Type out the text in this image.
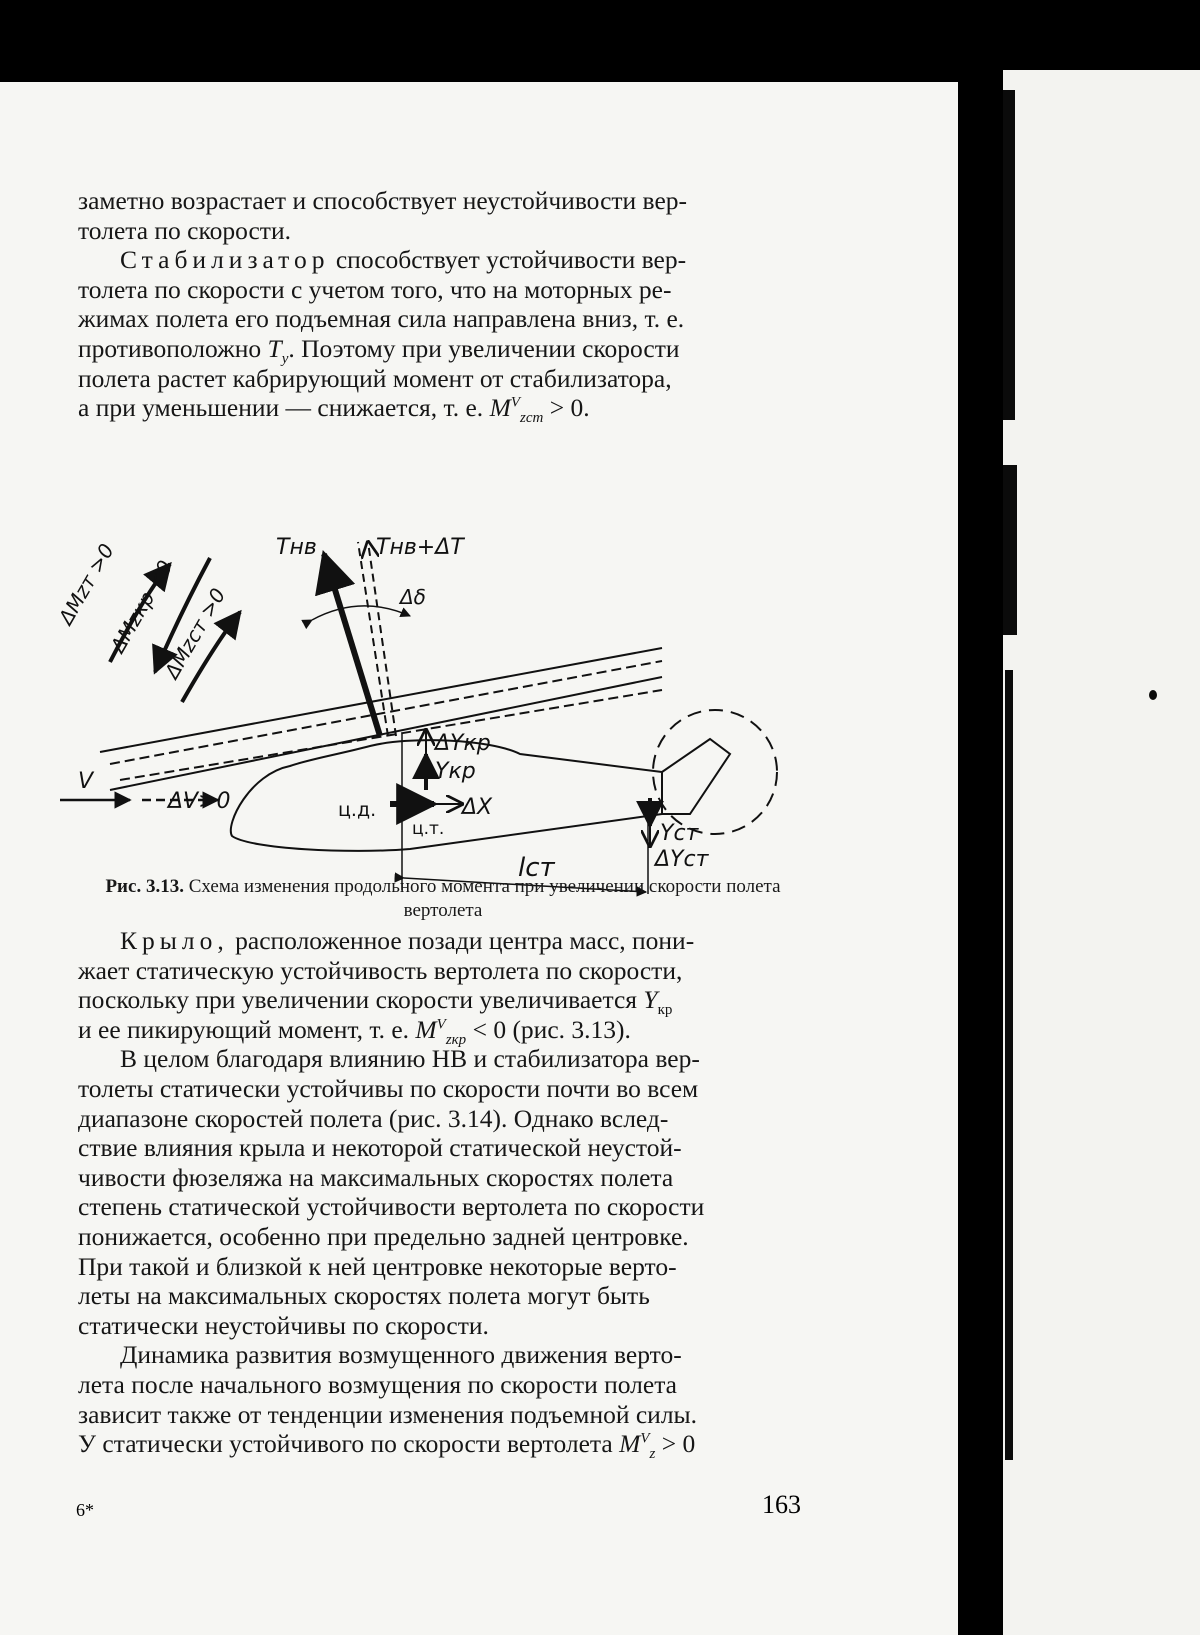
заметно возрастает и способствует неустойчивости вер-
толета по скорости.

Стабилизатор способствует устойчивости вер-
толета по скорости с учетом того, что на моторных ре-
жимах полета его подъемная сила направлена вниз, т. е.
противоположно $T_y$. Поэтому при увеличении скорости
полета растет кабрирующий момент от стабилизатора,
а при уменьшении — снижается, т. е. $M^V_{zст} > 0$.

Tнв	Tнв+ΔT
Δδ
ΔMzт >0
ΔMzкр <0
ΔMzст >0
ΔYкр
Yкр
V
ΔV>0	ц.д.	ΔX
ц.т.	Yст
ΔYст
lст
Рис. 3.13. Схема изменения продольного момента при увеличении скорости полета вертолета

Крыло, расположенное позади центра масс, пони-
жает статическую устойчивость вертолета по скорости,
поскольку при увеличении скорости увеличивается $Y_{кр}$
и ее пикирующий момент, т. е. $M^V_{zкр} < 0$ (рис. 3.13).

В целом благодаря влиянию НВ и стабилизатора вер-
толеты статически устойчивы по скорости почти во всем
диапазоне скоростей полета (рис. 3.14). Однако вслед-
ствие влияния крыла и некоторой статической неустой-
чивости фюзеляжа на максимальных скоростях полета
степень статической устойчивости вертолета по скорости
понижается, особенно при предельно задней центровке.
При такой и близкой к ней центровке некоторые верто-
леты на максимальных скоростях полета могут быть
статически неустойчивы по скорости.

Динамика развития возмущенного движения верто-
лета после начального возмущения по скорости полета
зависит также от тенденции изменения подъемной силы.
У статически устойчивого по скорости вертолета $M^V_z > 0$

6*	163
